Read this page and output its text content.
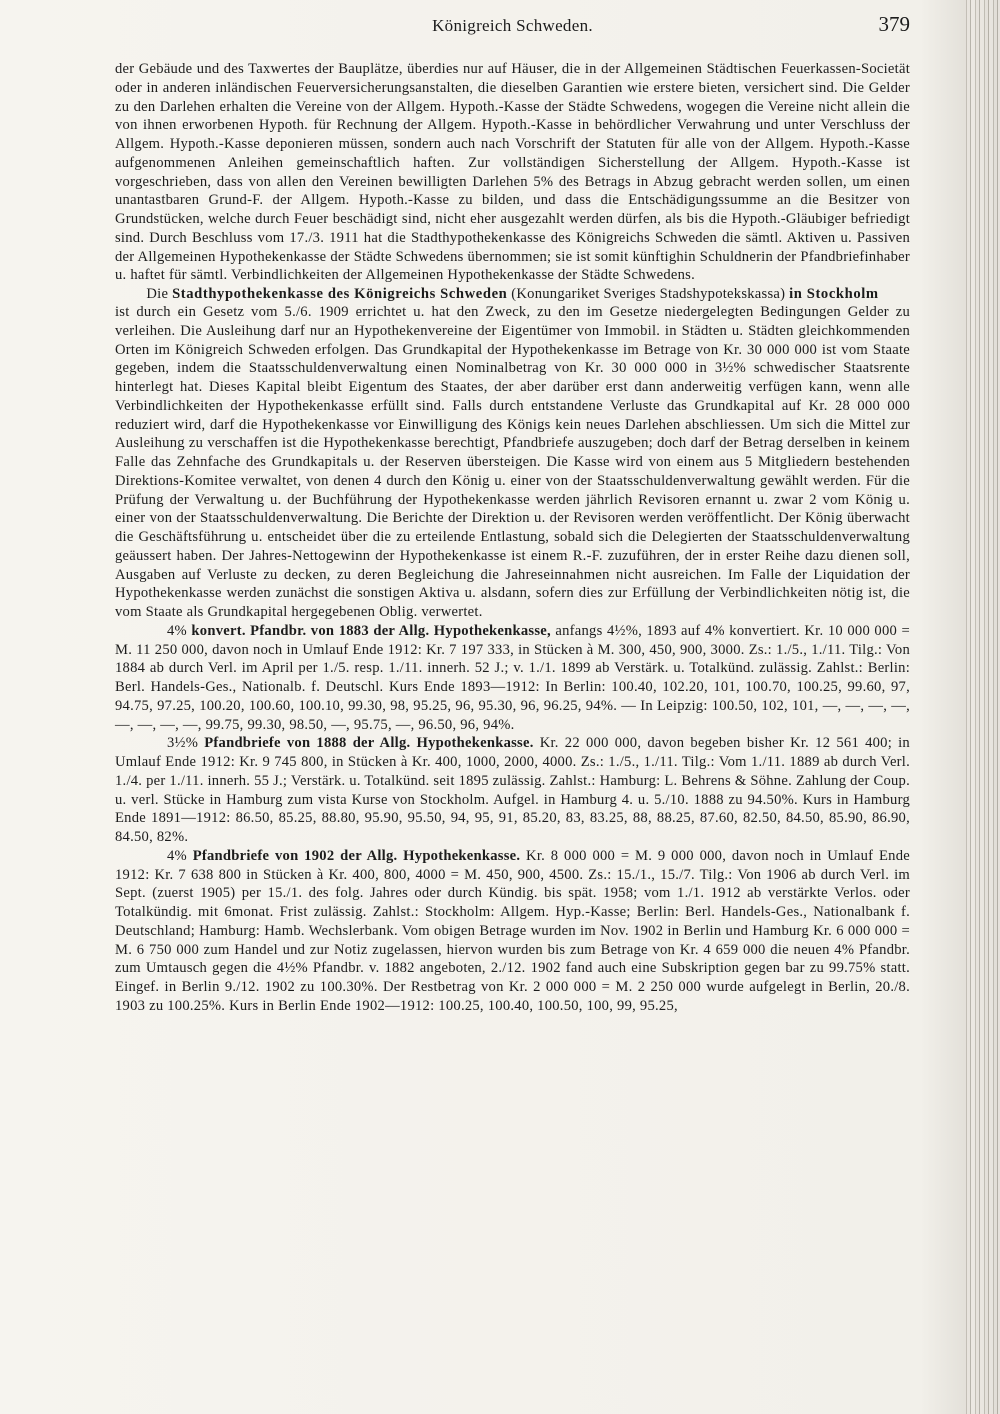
Königreich Schweden.	379

der Gebäude und des Taxwertes der Bauplätze, überdies nur auf Häuser, die in der Allgemeinen Städtischen Feuerkassen-Societät oder in anderen inländischen Feuerversicherungsanstalten, die dieselben Garantien wie erstere bieten, versichert sind. Die Gelder zu den Darlehen erhalten die Vereine von der Allgem. Hypoth.-Kasse der Städte Schwedens, wogegen die Vereine nicht allein die von ihnen erworbenen Hypoth. für Rechnung der Allgem. Hypoth.-Kasse in behördlicher Verwahrung und unter Verschluss der Allgem. Hypoth.-Kasse deponieren müssen, sondern auch nach Vorschrift der Statuten für alle von der Allgem. Hypoth.-Kasse aufgenommenen Anleihen gemeinschaftlich haften. Zur vollständigen Sicherstellung der Allgem. Hypoth.-Kasse ist vorgeschrieben, dass von allen den Vereinen bewilligten Darlehen 5% des Betrags in Abzug gebracht werden sollen, um einen unantastbaren Grund-F. der Allgem. Hypoth.-Kasse zu bilden, und dass die Entschädigungssumme an die Besitzer von Grundstücken, welche durch Feuer beschädigt sind, nicht eher ausgezahlt werden dürfen, als bis die Hypoth.-Gläubiger befriedigt sind. Durch Beschluss vom 17./3. 1911 hat die Stadthypothekenkasse des Königreichs Schweden die sämtl. Aktiven u. Passiven der Allgemeinen Hypothekenkasse der Städte Schwedens übernommen; sie ist somit künftighin Schuldnerin der Pfandbriefinhaber u. haftet für sämtl. Verbindlichkeiten der Allgemeinen Hypothekenkasse der Städte Schwedens.

Die Stadthypothekenkasse des Königreichs Schweden (Konungariket Sveriges Stadshypotekskassa) in Stockholm

ist durch ein Gesetz vom 5./6. 1909 errichtet u. hat den Zweck, zu den im Gesetze niedergelegten Bedingungen Gelder zu verleihen. Die Ausleihung darf nur an Hypothekenvereine der Eigentümer von Immobil. in Städten u. Städten gleichkommenden Orten im Königreich Schweden erfolgen. Das Grundkapital der Hypothekenkasse im Betrage von Kr. 30 000 000 ist vom Staate gegeben, indem die Staatsschuldenverwaltung einen Nominalbetrag von Kr. 30 000 000 in 3½% schwedischer Staatsrente hinterlegt hat. Dieses Kapital bleibt Eigentum des Staates, der aber darüber erst dann anderweitig verfügen kann, wenn alle Verbindlichkeiten der Hypothekenkasse erfüllt sind. Falls durch entstandene Verluste das Grundkapital auf Kr. 28 000 000 reduziert wird, darf die Hypothekenkasse vor Einwilligung des Königs kein neues Darlehen abschliessen. Um sich die Mittel zur Ausleihung zu verschaffen ist die Hypothekenkasse berechtigt, Pfandbriefe auszugeben; doch darf der Betrag derselben in keinem Falle das Zehnfache des Grundkapitals u. der Reserven übersteigen. Die Kasse wird von einem aus 5 Mitgliedern bestehenden Direktions-Komitee verwaltet, von denen 4 durch den König u. einer von der Staatsschuldenverwaltung gewählt werden. Für die Prüfung der Verwaltung u. der Buchführung der Hypothekenkasse werden jährlich Revisoren ernannt u. zwar 2 vom König u. einer von der Staatsschuldenverwaltung. Die Berichte der Direktion u. der Revisoren werden veröffentlicht. Der König überwacht die Geschäftsführung u. entscheidet über die zu erteilende Entlastung, sobald sich die Delegierten der Staatsschuldenverwaltung geäussert haben. Der Jahres-Nettogewinn der Hypothekenkasse ist einem R.-F. zuzuführen, der in erster Reihe dazu dienen soll, Ausgaben auf Verluste zu decken, zu deren Begleichung die Jahreseinnahmen nicht ausreichen. Im Falle der Liquidation der Hypothekenkasse werden zunächst die sonstigen Aktiva u. alsdann, sofern dies zur Erfüllung der Verbindlichkeiten nötig ist, die vom Staate als Grundkapital hergegebenen Oblig. verwertet.

4% konvert. Pfandbr. von 1883 der Allg. Hypothekenkasse, anfangs 4½%, 1893 auf 4% konvertiert. Kr. 10 000 000 = M. 11 250 000, davon noch in Umlauf Ende 1912: Kr. 7 197 333, in Stücken à M. 300, 450, 900, 3000. Zs.: 1./5., 1./11. Tilg.: Von 1884 ab durch Verl. im April per 1./5. resp. 1./11. innerh. 52 J.; v. 1./1. 1899 ab Verstärk. u. Totalkünd. zulässig. Zahlst.: Berlin: Berl. Handels-Ges., Nationalb. f. Deutschl. Kurs Ende 1893—1912: In Berlin: 100.40, 102.20, 101, 100.70, 100.25, 99.60, 97, 94.75, 97.25, 100.20, 100.60, 100.10, 99.30, 98, 95.25, 96, 95.30, 96, 96.25, 94%. — In Leipzig: 100.50, 102, 101, —, —, —, —, —, —, —, —, 99.75, 99.30, 98.50, —, 95.75, —, 96.50, 96, 94%.

3½% Pfandbriefe von 1888 der Allg. Hypothekenkasse. Kr. 22 000 000, davon begeben bisher Kr. 12 561 400; in Umlauf Ende 1912: Kr. 9 745 800, in Stücken à Kr. 400, 1000, 2000, 4000. Zs.: 1./5., 1./11. Tilg.: Vom 1./11. 1889 ab durch Verl. 1./4. per 1./11. innerh. 55 J.; Verstärk. u. Totalkünd. seit 1895 zulässig. Zahlst.: Hamburg: L. Behrens & Söhne. Zahlung der Coup. u. verl. Stücke in Hamburg zum vista Kurse von Stockholm. Aufgel. in Hamburg 4. u. 5./10. 1888 zu 94.50%. Kurs in Hamburg Ende 1891—1912: 86.50, 85.25, 88.80, 95.90, 95.50, 94, 95, 91, 85.20, 83, 83.25, 88, 88.25, 87.60, 82.50, 84.50, 85.90, 86.90, 84.50, 82%.

4% Pfandbriefe von 1902 der Allg. Hypothekenkasse. Kr. 8 000 000 = M. 9 000 000, davon noch in Umlauf Ende 1912: Kr. 7 638 800 in Stücken à Kr. 400, 800, 4000 = M. 450, 900, 4500. Zs.: 15./1., 15./7. Tilg.: Von 1906 ab durch Verl. im Sept. (zuerst 1905) per 15./1. des folg. Jahres oder durch Kündig. bis spät. 1958; vom 1./1. 1912 ab verstärkte Verlos. oder Totalkündig. mit 6monat. Frist zulässig. Zahlst.: Stockholm: Allgem. Hyp.-Kasse; Berlin: Berl. Handels-Ges., Nationalbank f. Deutschland; Hamburg: Hamb. Wechslerbank. Vom obigen Betrage wurden im Nov. 1902 in Berlin und Hamburg Kr. 6 000 000 = M. 6 750 000 zum Handel und zur Notiz zugelassen, hiervon wurden bis zum Betrage von Kr. 4 659 000 die neuen 4% Pfandbr. zum Umtausch gegen die 4½% Pfandbr. v. 1882 angeboten, 2./12. 1902 fand auch eine Subskription gegen bar zu 99.75% statt. Eingef. in Berlin 9./12. 1902 zu 100.30%. Der Restbetrag von Kr. 2 000 000 = M. 2 250 000 wurde aufgelegt in Berlin, 20./8. 1903 zu 100.25%. Kurs in Berlin Ende 1902—1912: 100.25, 100.40, 100.50, 100, 99, 95.25,
